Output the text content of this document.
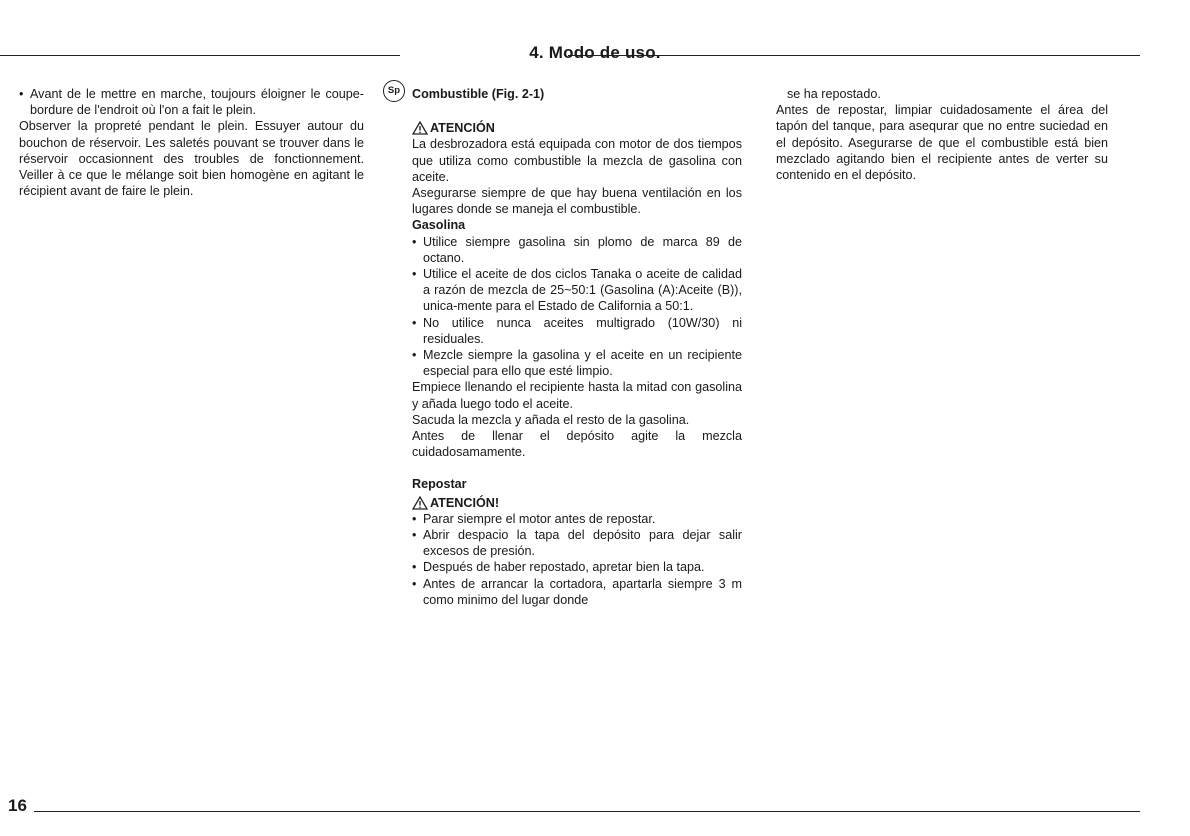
4. Modo de uso.

• Avant de le mettre en marche, toujours éloigner le coupe-bordure de l'endroit où l'on a fait le plein.

Observer la propreté pendant le plein. Essuyer autour du bouchon de réservoir. Les saletés pouvant se trouver dans le réservoir occasionnent des troubles de fonctionnement. Veiller à ce que le mélange soit bien homogène en agitant le récipient avant de faire le plein.

Sp Combustible (Fig. 2-1)

ATENCIÓN

La desbrozadora está equipada con motor de dos tiempos que utiliza como combustible la mezcla de gasolina con aceite.

Asegurarse siempre de que hay buena ventilación en los lugares donde se maneja el combustible.

Gasolina

• Utilice siempre gasolina sin plomo de marca 89 de octano.

• Utilice el aceite de dos ciclos Tanaka o aceite de calidad a razón de mezcla de 25~50:1 (Gasolina (A):Aceite (B)), unica-mente para el Estado de California a 50:1.

• No utilice nunca aceites multigrado (10W/30) ni residuales.

• Mezcle siempre la gasolina y el aceite en un recipiente especial para ello que esté limpio.

Empiece llenando el recipiente hasta la mitad con gasolina y añada luego todo el aceite.

Sacuda la mezcla y añada el resto de la gasolina.

Antes de llenar el depósito agite la mezcla cuidadosamamente.

Repostar

ATENCIÓN!

• Parar siempre el motor antes de repostar.

• Abrir despacio la tapa del depósito para dejar salir excesos de presión.

• Después de haber repostado, apretar bien la tapa.

• Antes de arrancar la cortadora, apartarla siempre 3 m como minimo del lugar donde

se ha repostado.

Antes de repostar, limpiar cuidadosamente el área del tapón del tanque, para asequrar que no entre suciedad en el depósito. Asegurarse de que el combustible está bien mezclado agitando bien el recipiente antes de verter su contenido en el depósito.

16
